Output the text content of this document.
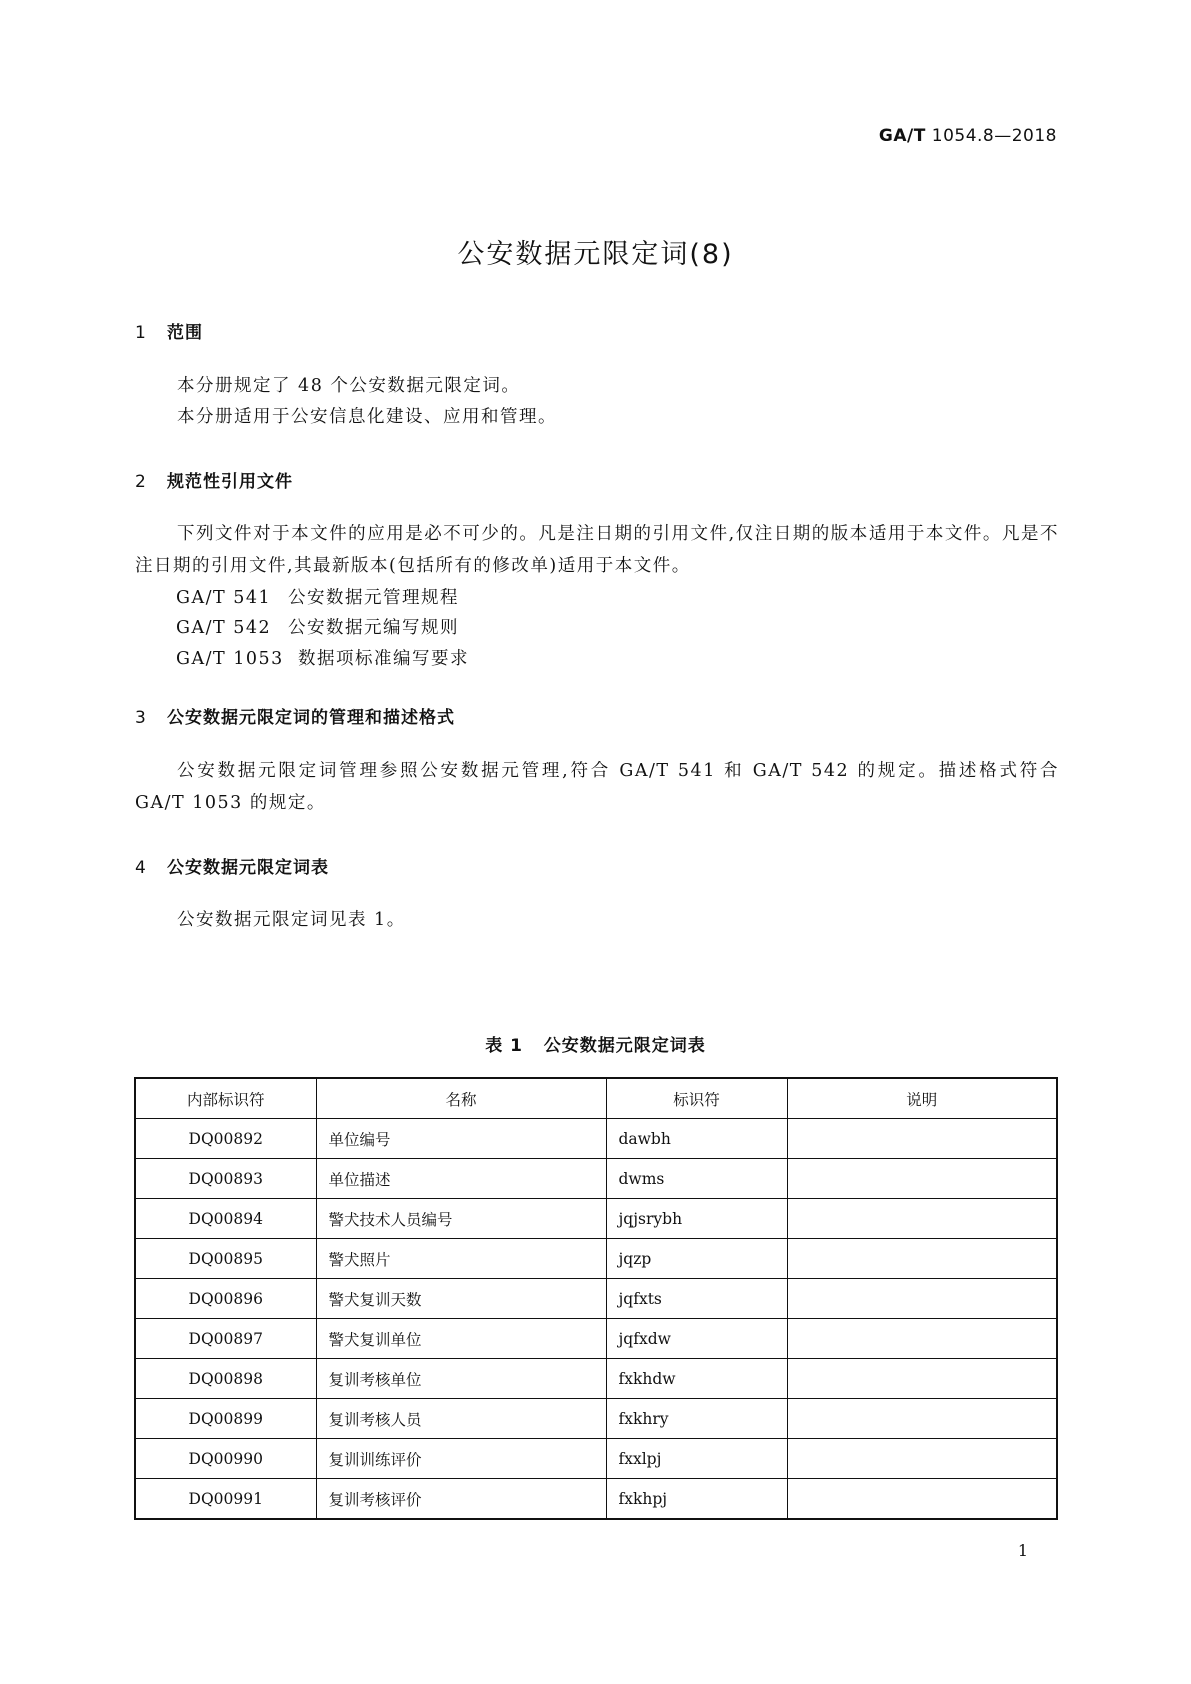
GA/T 1054.8—2018
公安数据元限定词(8)
1 范围
本分册规定了 48 个公安数据元限定词。
本分册适用于公安信息化建设、应用和管理。
2 规范性引用文件
下列文件对于本文件的应用是必不可少的。凡是注日期的引用文件,仅注日期的版本适用于本文件。凡是不注日期的引用文件,其最新版本(包括所有的修改单)适用于本文件。
GA/T 541 公安数据元管理规程
GA/T 542 公安数据元编写规则
GA/T 1053 数据项标准编写要求
3 公安数据元限定词的管理和描述格式
公安数据元限定词管理参照公安数据元管理,符合 GA/T 541 和 GA/T 542 的规定。描述格式符合 GA/T 1053 的规定。
4 公安数据元限定词表
公安数据元限定词见表 1。
表 1 公安数据元限定词表
内部标识符	名称	标识符	说明
DQ00892	单位编号	dawbh	
DQ00893	单位描述	dwms	
DQ00894	警犬技术人员编号	jqjsrybh	
DQ00895	警犬照片	jqzp	
DQ00896	警犬复训天数	jqfxts	
DQ00897	警犬复训单位	jqfxdw	
DQ00898	复训考核单位	fxkhdw	
DQ00899	复训考核人员	fxkhry	
DQ00990	复训训练评价	fxxlpj	
DQ00991	复训考核评价	fxkhpj	
1
